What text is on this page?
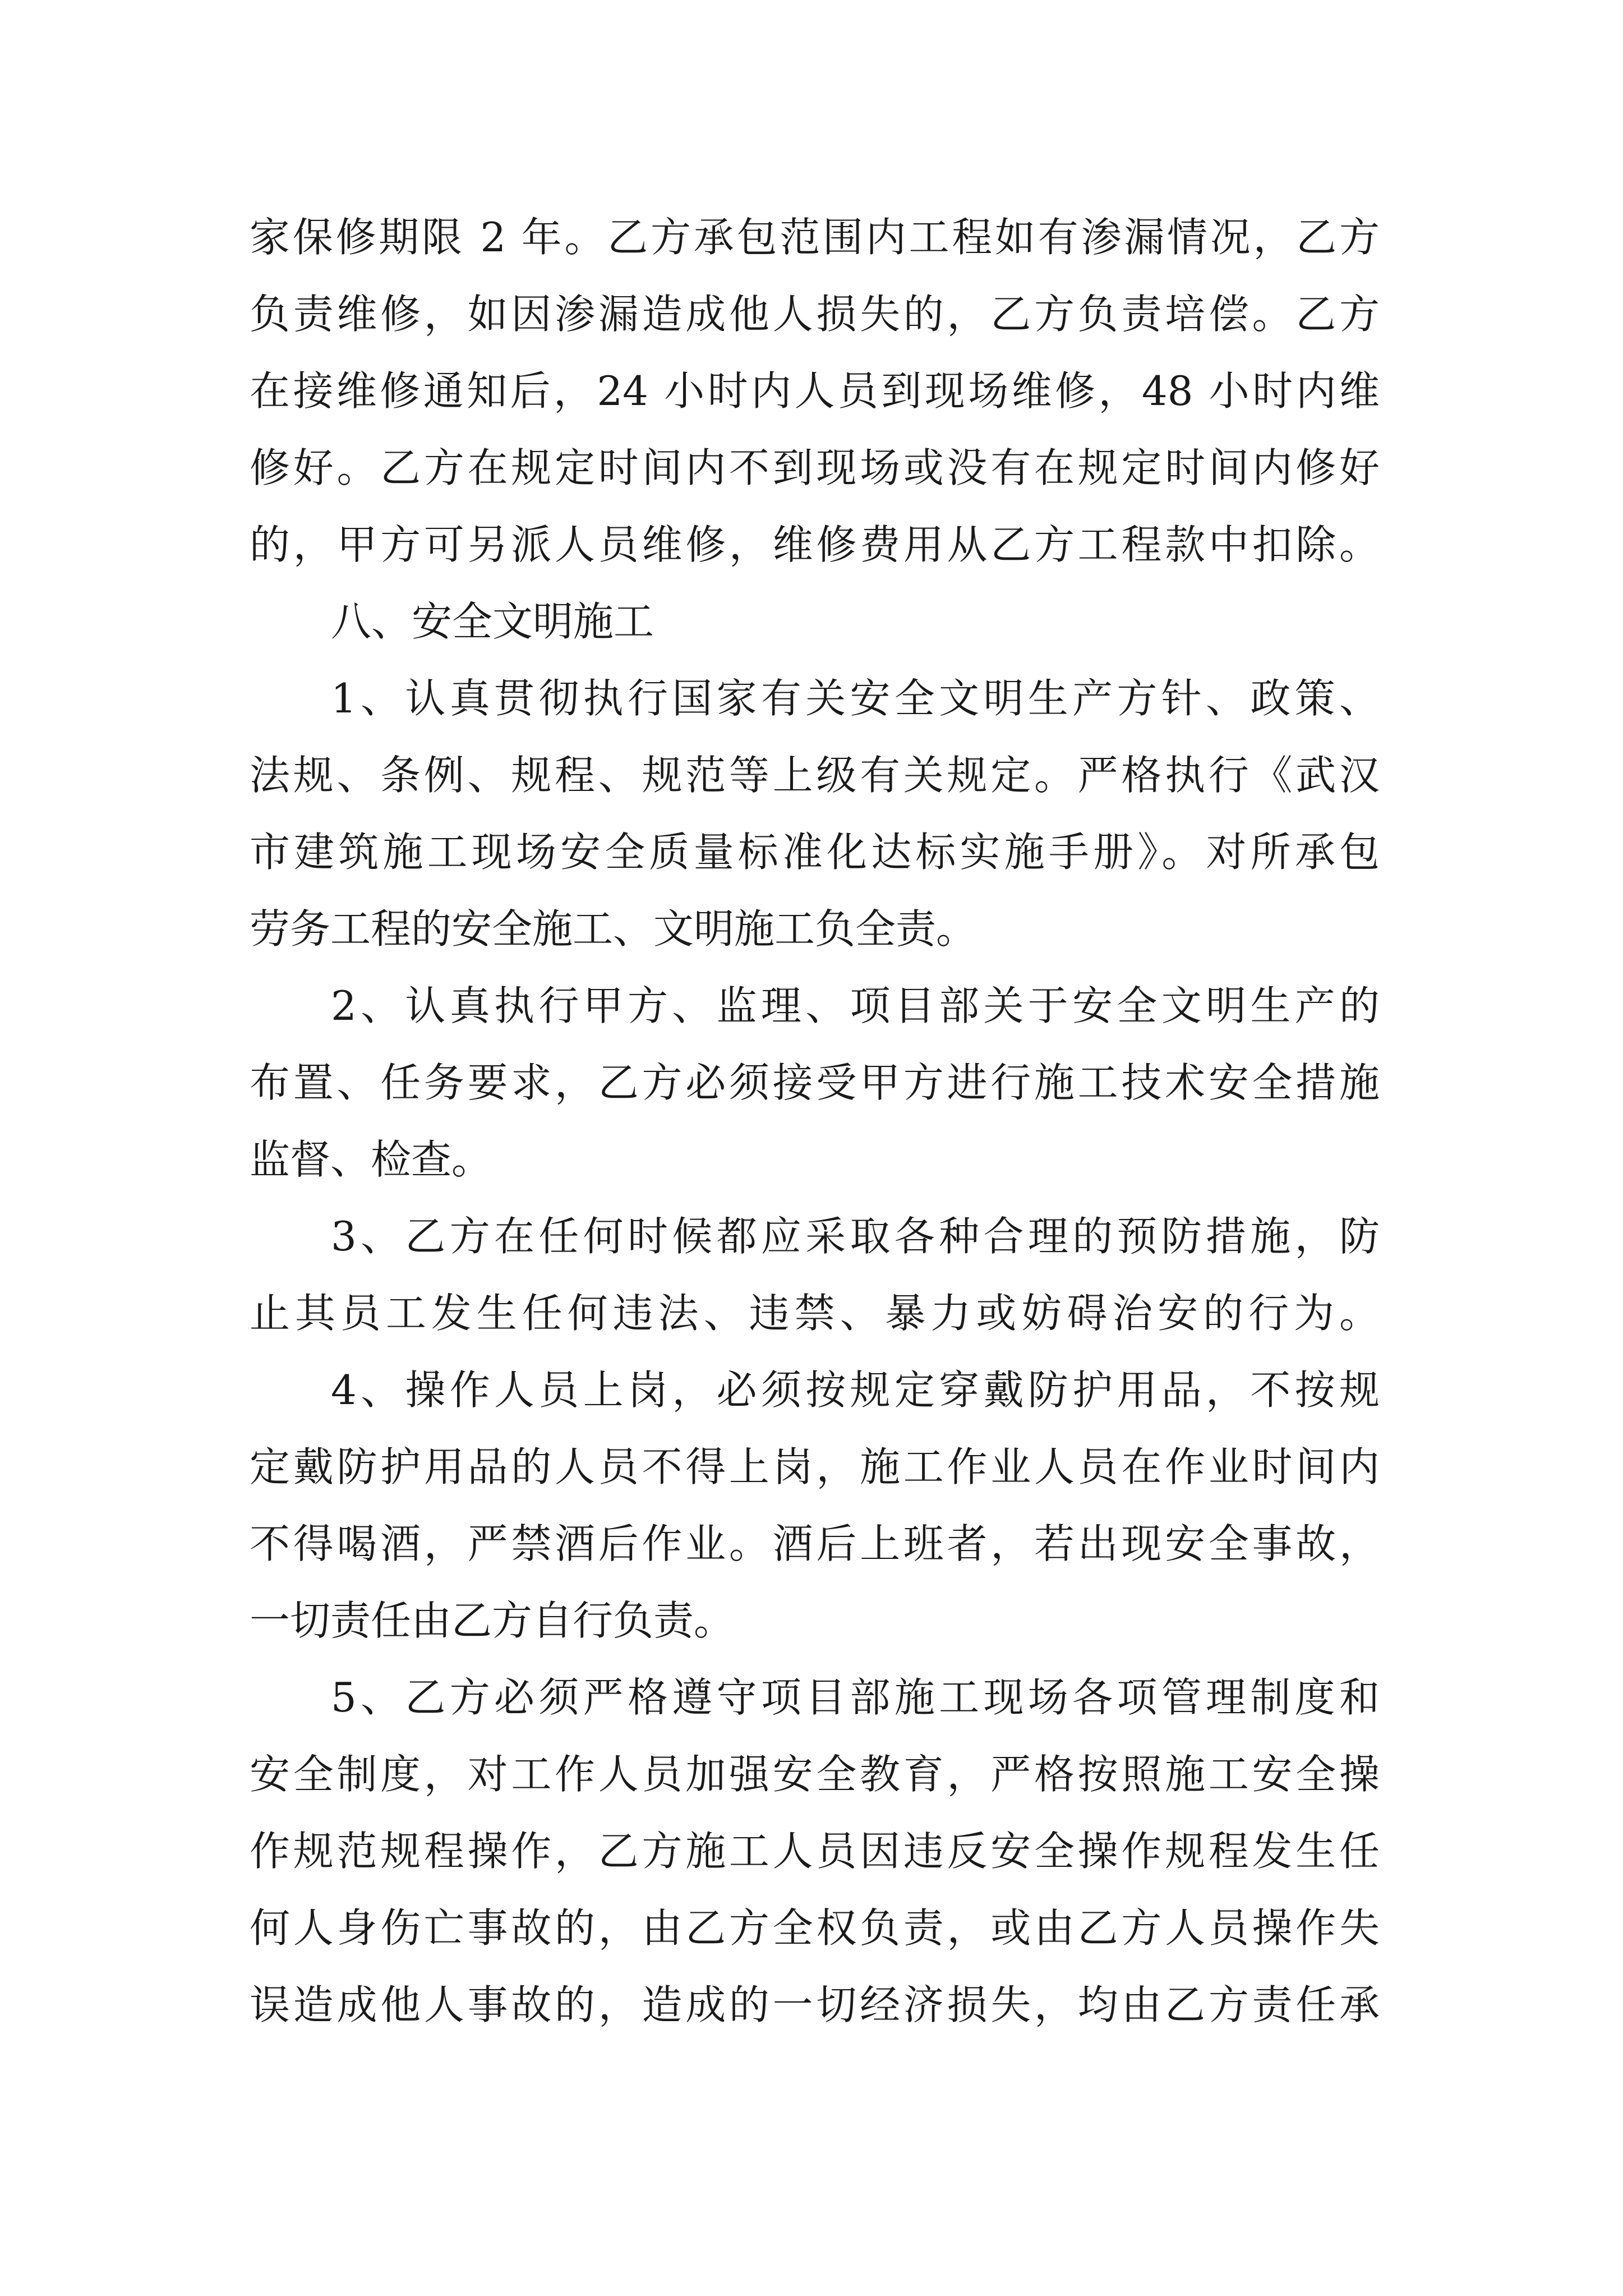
家保修期限 2 年。乙方承包范围内工程如有渗漏情况，乙方
负责维修，如因渗漏造成他人损失的，乙方负责培偿。乙方
在接维修通知后，24 小时内人员到现场维修，48 小时内维
修好。乙方在规定时间内不到现场或没有在规定时间内修好
的，甲方可另派人员维修，维修费用从乙方工程款中扣除。
八、安全文明施工
1、认真贯彻执行国家有关安全文明生产方针、政策、
法规、条例、规程、规范等上级有关规定。严格执行《武汉
市建筑施工现场安全质量标准化达标实施手册》。对所承包
劳务工程的安全施工、文明施工负全责。
2、认真执行甲方、监理、项目部关于安全文明生产的
布置、任务要求，乙方必须接受甲方进行施工技术安全措施
监督、检查。
3、乙方在任何时候都应采取各种合理的预防措施，防
止其员工发生任何违法、违禁、暴力或妨碍治安的行为。
4、操作人员上岗，必须按规定穿戴防护用品，不按规
定戴防护用品的人员不得上岗，施工作业人员在作业时间内
不得喝酒，严禁酒后作业。酒后上班者，若出现安全事故，
一切责任由乙方自行负责。
5、乙方必须严格遵守项目部施工现场各项管理制度和
安全制度，对工作人员加强安全教育，严格按照施工安全操
作规范规程操作，乙方施工人员因违反安全操作规程发生任
何人身伤亡事故的，由乙方全权负责，或由乙方人员操作失
误造成他人事故的，造成的一切经济损失，均由乙方责任承
